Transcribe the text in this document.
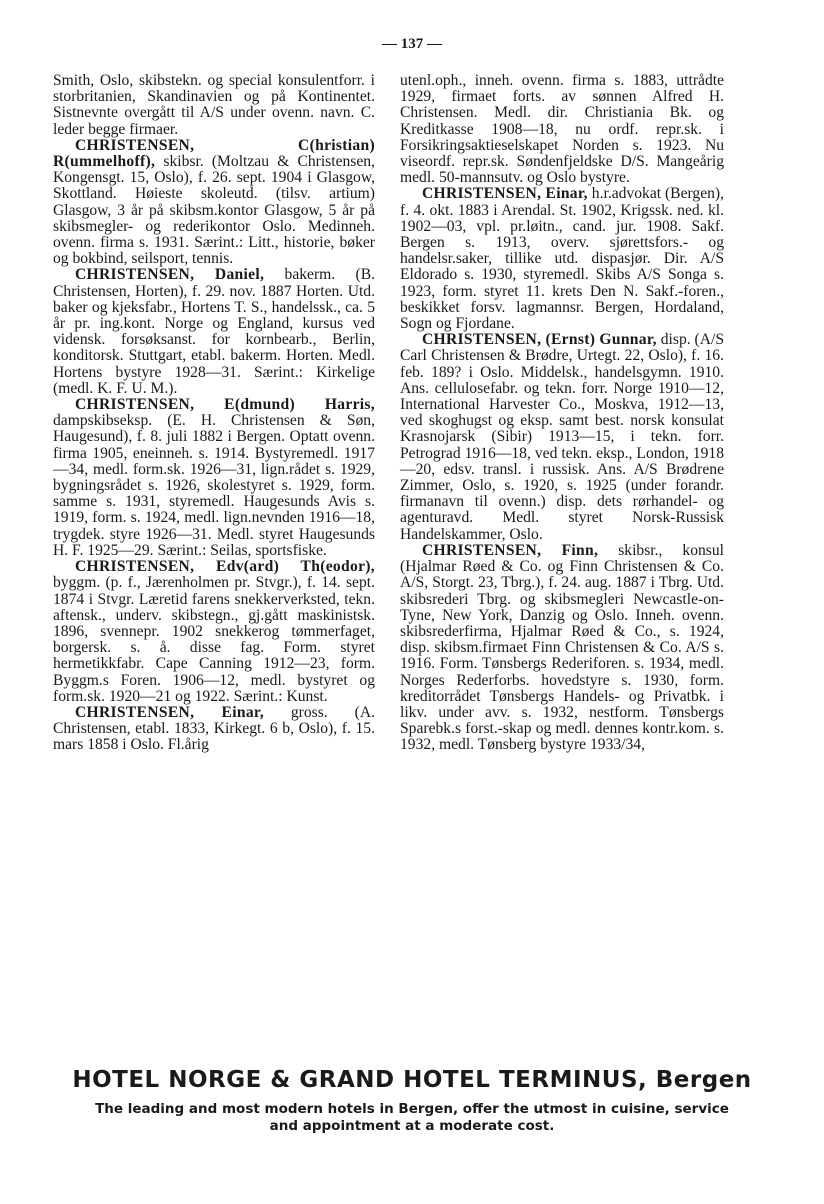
— 137 —

Smith, Oslo, skibstekn. og special konsulentforr. i storbritanien, Skandinavien og på Kontinentet. Sistnevnte overgått til A/S under ovenn. navn. C. leder begge firmaer.

CHRISTENSEN, C(hristian) R(ummelhoff), skibsr. (Moltzau & Christensen, Kongensgt. 15, Oslo), f. 26. sept. 1904 i Glasgow, Skottland. Høieste skoleutd. (tilsv. artium) Glasgow, 3 år på skibsm.kontor Glasgow, 5 år på skibsmegler- og rederikontor Oslo. Medinneh. ovenn. firma s. 1931. Særint.: Litt., historie, bøker og bokbind, seilsport, tennis.

CHRISTENSEN, Daniel, bakerm. (B. Christensen, Horten), f. 29. nov. 1887 Horten. Utd. baker og kjeksfabr., Hortens T. S., handelssk., ca. 5 år pr. ing.kont. Norge og England, kursus ved vidensk. forsøksanst. for kornbearb., Berlin, konditorsk. Stuttgart, etabl. bakerm. Horten. Medl. Hortens bystyre 1928—31. Særint.: Kirkelige (medl. K. F. U. M.).

CHRISTENSEN, E(dmund) Harris, dampskibseksp. (E. H. Christensen & Søn, Haugesund), f. 8. juli 1882 i Bergen. Optatt ovenn. firma 1905, eneinneh. s. 1914. Bystyremedl. 1917—34, medl. form.sk. 1926—31, lign.rådet s. 1929, bygningsrådet s. 1926, skolestyret s. 1929, form. samme s. 1931, styremedl. Haugesunds Avis s. 1919, form. s. 1924, medl. lign.nevnden 1916—18, trygdek. styre 1926—31. Medl. styret Haugesunds H. F. 1925—29. Særint.: Seilas, sportsfiske.

CHRISTENSEN, Edv(ard) Th(eodor), byggm. (p. f., Jærenholmen pr. Stvgr.), f. 14. sept. 1874 i Stvgr. Læretid farens snekkerverksted, tekn. aftensk., underv. skibstegn., gj.gått maskinistsk. 1896, svennepr. 1902 snekkerog tømmerfaget, borgersk. s. å. disse fag. Form. styret hermetikkfabr. Cape Canning 1912—23, form. Byggm.s Foren. 1906—12, medl. bystyret og form.sk. 1920—21 og 1922. Særint.: Kunst.

CHRISTENSEN, Einar, gross. (A. Christensen, etabl. 1833, Kirkegt. 6 b, Oslo), f. 15. mars 1858 i Oslo. Fl.årig

utenl.oph., inneh. ovenn. firma s. 1883, uttrådte 1929, firmaet forts. av sønnen Alfred H. Christensen. Medl. dir. Christiania Bk. og Kreditkasse 1908—18, nu ordf. repr.sk. i Forsikringsaktieselskapet Norden s. 1923. Nu viseordf. repr.sk. Søndenfjeldske D/S. Mangeårig medl. 50-mannsutv. og Oslo bystyre.

CHRISTENSEN, Einar, h.r.advokat (Bergen), f. 4. okt. 1883 i Arendal. St. 1902, Krigssk. ned. kl. 1902—03, vpl. pr.løitn., cand. jur. 1908. Sakf. Bergen s. 1913, overv. sjørettsfors.- og handelsr.saker, tillike utd. dispasjør. Dir. A/S Eldorado s. 1930, styremedl. Skibs A/S Songa s. 1923, form. styret 11. krets Den N. Sakf.-foren., beskikket forsv. lagmannsr. Bergen, Hordaland, Sogn og Fjordane.

CHRISTENSEN, (Ernst) Gunnar, disp. (A/S Carl Christensen & Brødre, Urtegt. 22, Oslo), f. 16. feb. 189? i Oslo. Middelsk., handelsgymn. 1910. Ans. cellulosefabr. og tekn. forr. Norge 1910—12, International Harvester Co., Moskva, 1912—13, ved skoghugst og eksp. samt best. norsk konsulat Krasnojarsk (Sibir) 1913—15, i tekn. forr. Petrograd 1916—18, ved tekn. eksp., London, 1918—20, edsv. transl. i russisk. Ans. A/S Brødrene Zimmer, Oslo, s. 1920, s. 1925 (under forandr. firmanavn til ovenn.) disp. dets rørhandel- og agenturavd. Medl. styret Norsk-Russisk Handelskammer, Oslo.

CHRISTENSEN, Finn, skibsr., konsul (Hjalmar Røed & Co. og Finn Christensen & Co. A/S, Storgt. 23, Tbrg.), f. 24. aug. 1887 i Tbrg. Utd. skibsrederi Tbrg. og skibsmegleri Newcastle-on-Tyne, New York, Danzig og Oslo. Inneh. ovenn. skibsrederfirma, Hjalmar Røed & Co., s. 1924, disp. skibsm.firmaet Finn Christensen & Co. A/S s. 1916. Form. Tønsbergs Rederiforen. s. 1934, medl. Norges Rederforbs. hovedstyre s. 1930, form. kreditorrådet Tønsbergs Handels- og Privatbk. i likv. under avv. s. 1932, nestform. Tønsbergs Sparebk.s forst.-skap og medl. dennes kontr.kom. s. 1932, medl. Tønsberg bystyre 1933/34,

HOTEL NORGE & GRAND HOTEL TERMINUS, Bergen

The leading and most modern hotels in Bergen, offer the utmost in cuisine, service and appointment at a moderate cost.
